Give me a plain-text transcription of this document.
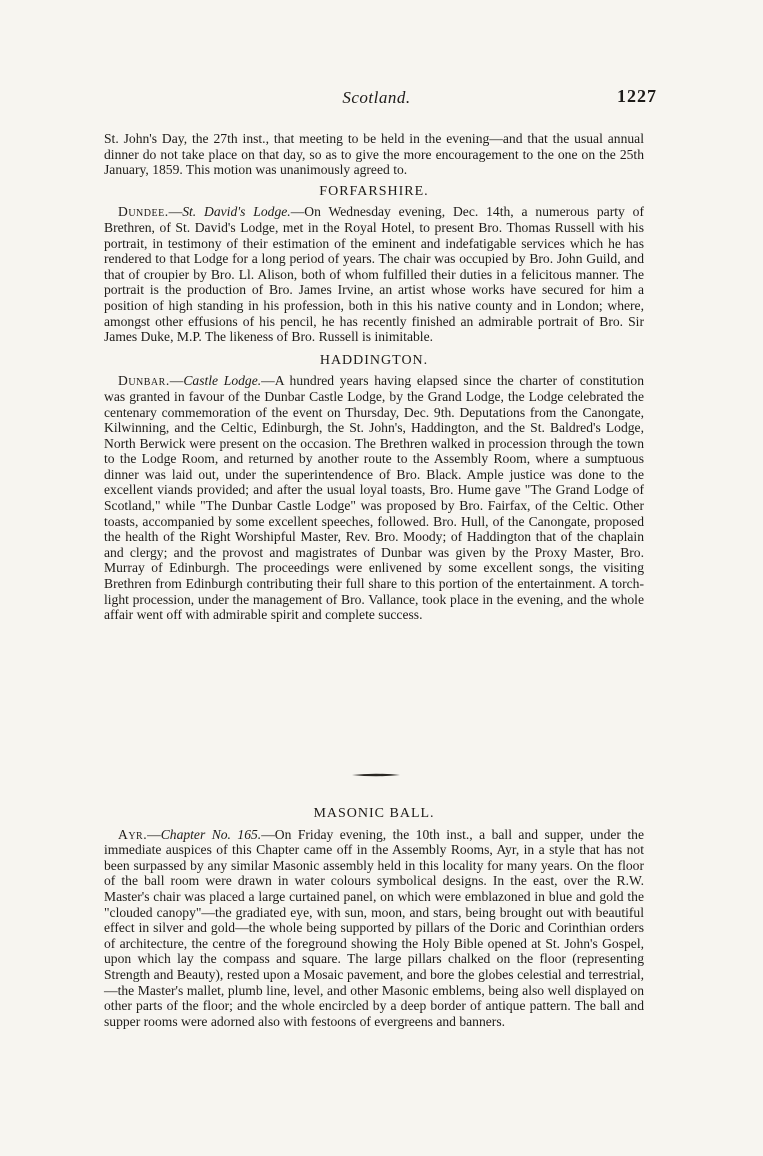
Scotland.	1227

St. John's Day, the 27th inst., that meeting to be held in the evening—and that the usual annual dinner do not take place on that day, so as to give the more encouragement to the one on the 25th January, 1859. This motion was unanimously agreed to.

FORFARSHIRE.

Dundee.—St. David's Lodge.—On Wednesday evening, Dec. 14th, a numerous party of Brethren, of St. David's Lodge, met in the Royal Hotel, to present Bro. Thomas Russell with his portrait, in testimony of their estimation of the eminent and indefatigable services which he has rendered to that Lodge for a long period of years. The chair was occupied by Bro. John Guild, and that of croupier by Bro. Ll. Alison, both of whom fulfilled their duties in a felicitous manner. The portrait is the production of Bro. James Irvine, an artist whose works have secured for him a position of high standing in his profession, both in this his native county and in London; where, amongst other effusions of his pencil, he has recently finished an admirable portrait of Bro. Sir James Duke, M.P. The likeness of Bro. Russell is inimitable.

HADDINGTON.

Dunbar.—Castle Lodge.—A hundred years having elapsed since the charter of constitution was granted in favour of the Dunbar Castle Lodge, by the Grand Lodge, the Lodge celebrated the centenary commemoration of the event on Thursday, Dec. 9th. Deputations from the Canongate, Kilwinning, and the Celtic, Edinburgh, the St. John's, Haddington, and the St. Baldred's Lodge, North Berwick were present on the occasion. The Brethren walked in procession through the town to the Lodge Room, and returned by another route to the Assembly Room, where a sumptuous dinner was laid out, under the superintendence of Bro. Black. Ample justice was done to the excellent viands provided; and after the usual loyal toasts, Bro. Hume gave "The Grand Lodge of Scotland," while "The Dunbar Castle Lodge" was proposed by Bro. Fairfax, of the Celtic. Other toasts, accompanied by some excellent speeches, followed. Bro. Hull, of the Canongate, proposed the health of the Right Worshipful Master, Rev. Bro. Moody; of Haddington that of the chaplain and clergy; and the provost and magistrates of Dunbar was given by the Proxy Master, Bro. Murray of Edinburgh. The proceedings were enlivened by some excellent songs, the visiting Brethren from Edinburgh contributing their full share to this portion of the entertainment. A torch-light procession, under the management of Bro. Vallance, took place in the evening, and the whole affair went off with admirable spirit and complete success.

MASONIC BALL.

Ayr.—Chapter No. 165.—On Friday evening, the 10th inst., a ball and supper, under the immediate auspices of this Chapter came off in the Assembly Rooms, Ayr, in a style that has not been surpassed by any similar Masonic assembly held in this locality for many years. On the floor of the ball room were drawn in water colours symbolical designs. In the east, over the R.W. Master's chair was placed a large curtained panel, on which were emblazoned in blue and gold the "clouded canopy"—the gradiated eye, with sun, moon, and stars, being brought out with beautiful effect in silver and gold—the whole being supported by pillars of the Doric and Corinthian orders of architecture, the centre of the foreground showing the Holy Bible opened at St. John's Gospel, upon which lay the compass and square. The large pillars chalked on the floor (representing Strength and Beauty), rested upon a Mosaic pavement, and bore the globes celestial and terrestrial,—the Master's mallet, plumb line, level, and other Masonic emblems, being also well displayed on other parts of the floor; and the whole encircled by a deep border of antique pattern. The ball and supper rooms were adorned also with festoons of evergreens and banners.
